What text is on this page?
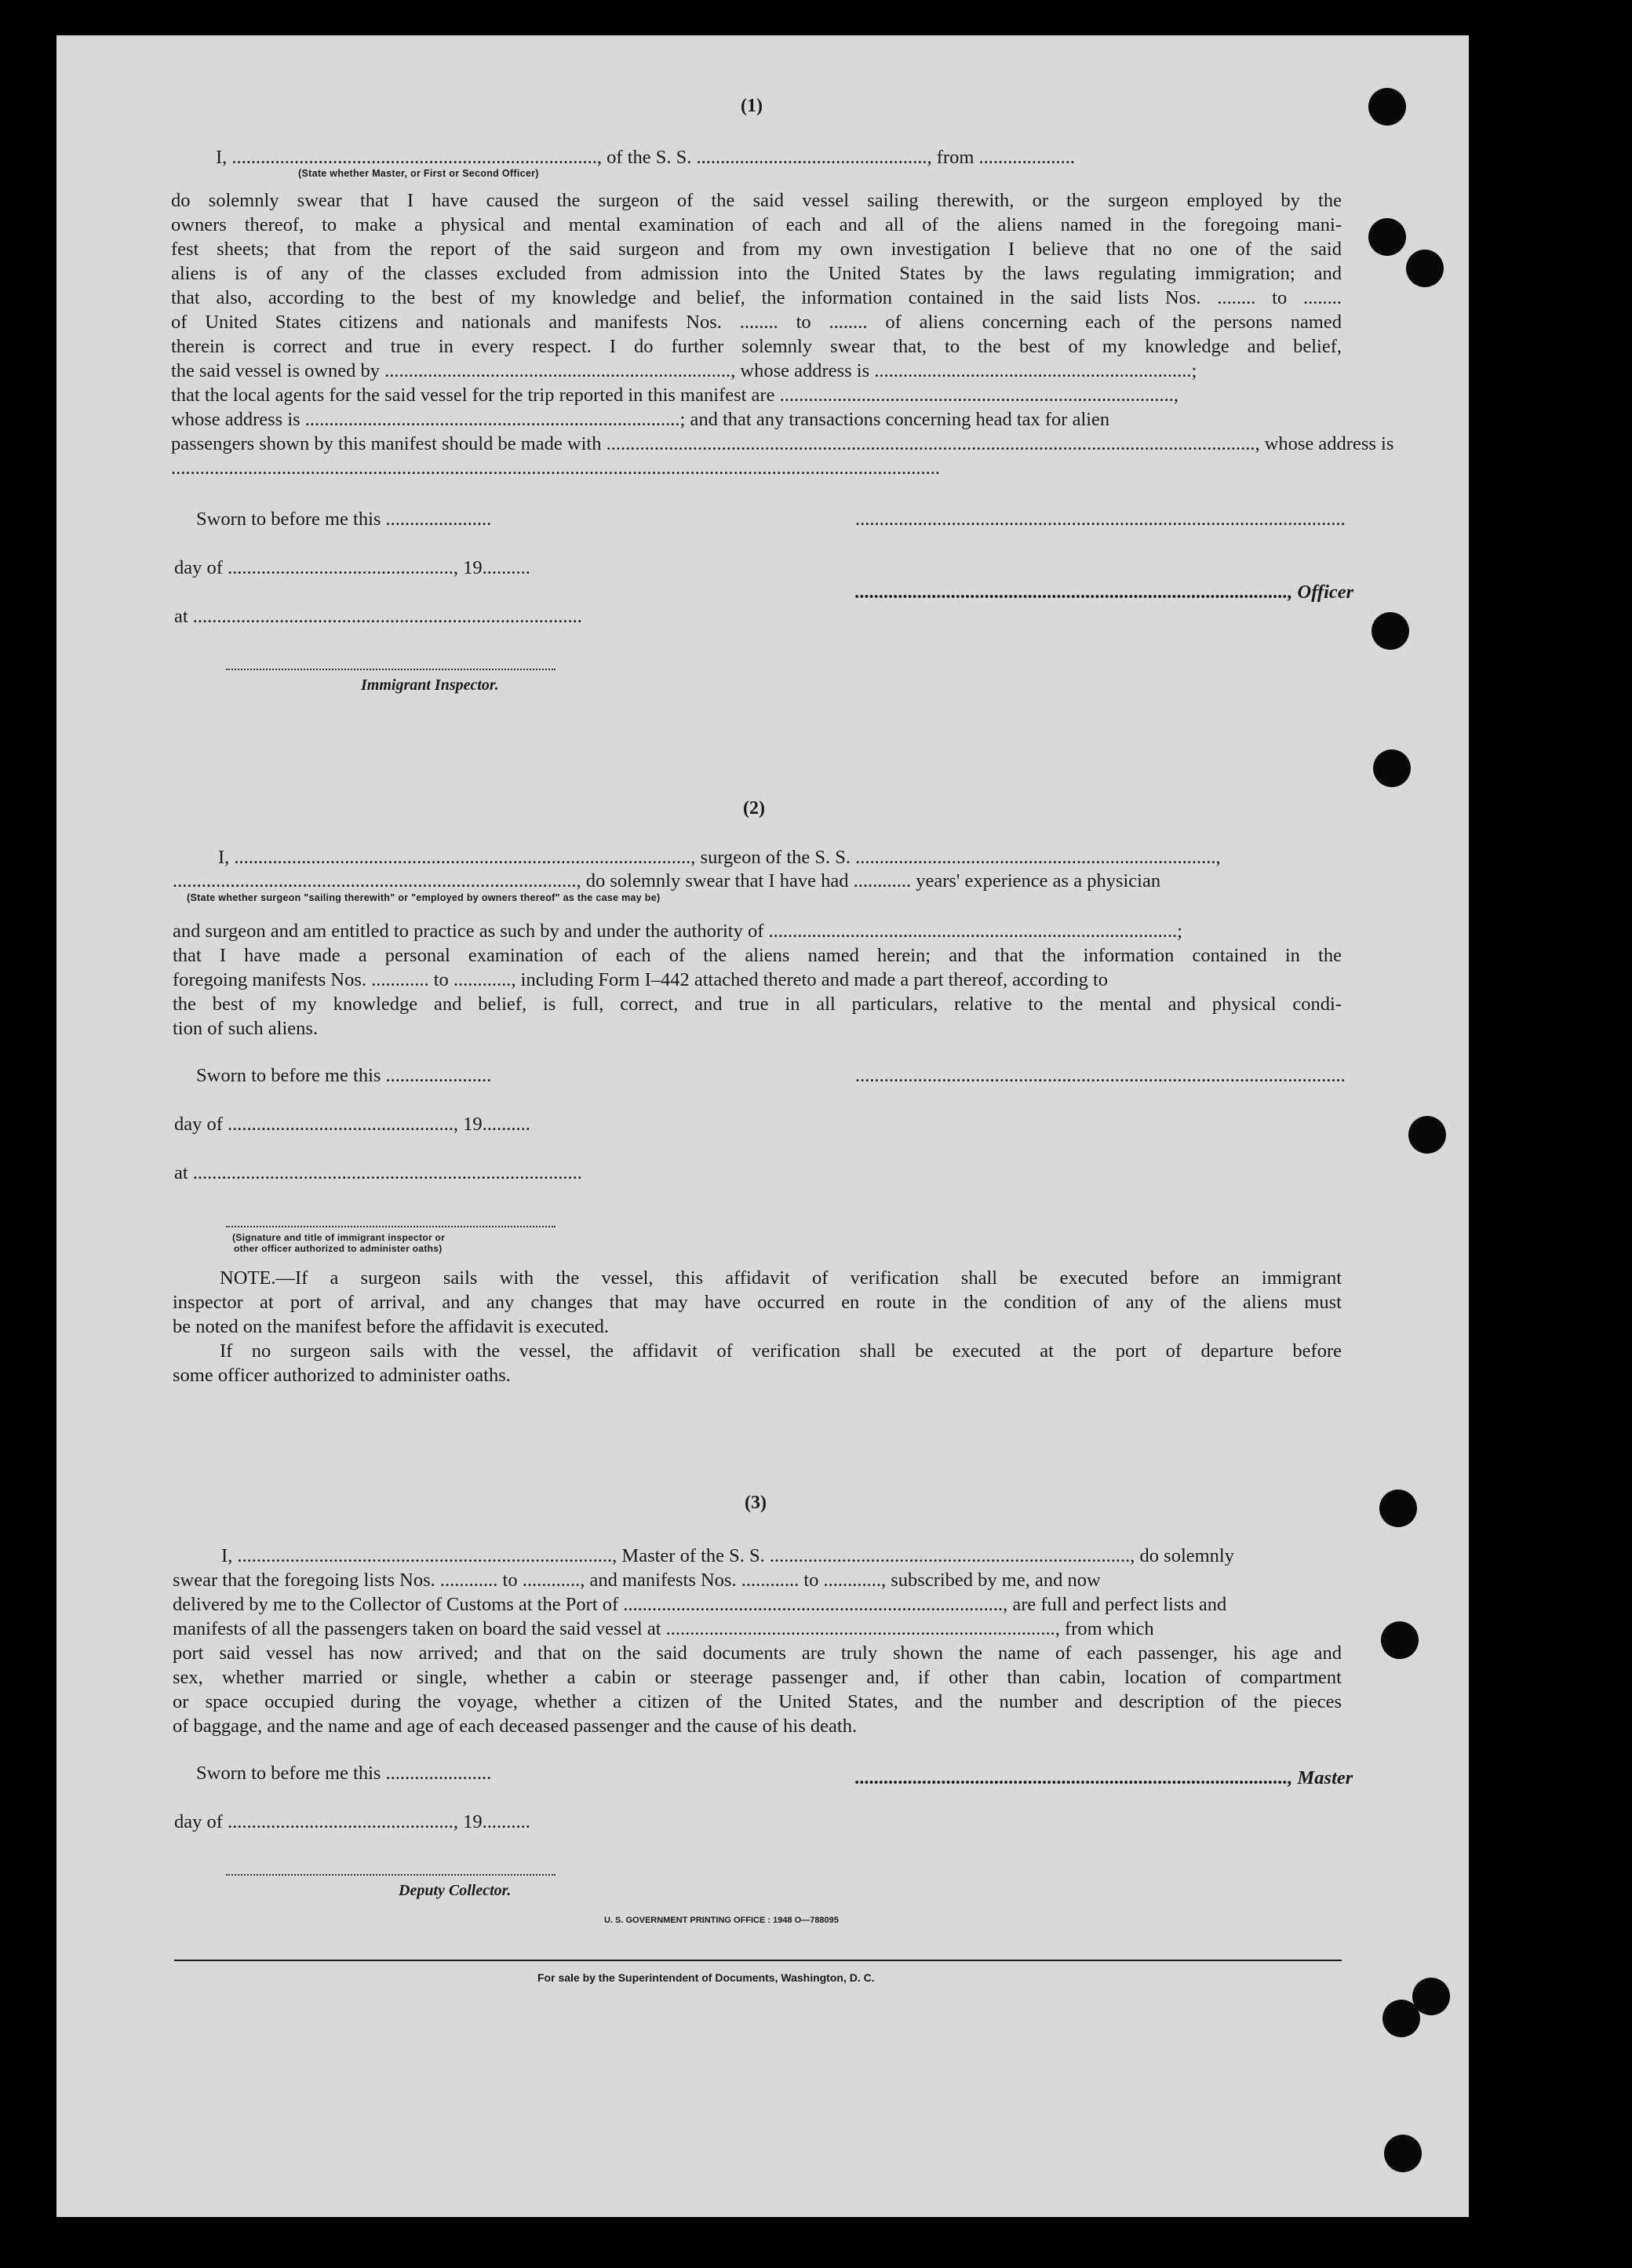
(1)
I, ............................................................................, of the S. S. ................................................, from ....................
(State whether Master, or First or Second Officer)
do solemnly swear that I have caused the surgeon of the said vessel sailing therewith, or the surgeon employed by the
owners thereof, to make a physical and mental examination of each and all of the aliens named in the foregoing mani-
fest sheets; that from the report of the said surgeon and from my own investigation I believe that no one of the said
aliens is of any of the classes excluded from admission into the United States by the laws regulating immigration; and
that also, according to the best of my knowledge and belief, the information contained in the said lists Nos. ........ to ........
of United States citizens and nationals and manifests Nos. ........ to ........ of aliens concerning each of the persons named
therein is correct and true in every respect. I do further solemnly swear that, to the best of my knowledge and belief,
the said vessel is owned by ........................................................................, whose address is ..................................................................;
that the local agents for the said vessel for the trip reported in this manifest are ..................................................................................,
whose address is ..............................................................................; and that any transactions concerning head tax for alien
passengers shown by this manifest should be made with ......................................................................................................................................., whose address is
................................................................................................................................................................
Sworn to before me this ......................	......................................................................................................
day of ..............................................., 19..........
.........................................................................................., Officer
at .................................................................................
Immigrant Inspector.
(2)
I, ..............................................................................................., surgeon of the S. S. ...........................................................................,
...................................................................................., do solemnly swear that I have had ............ years' experience as a physician
(State whether surgeon "sailing therewith" or "employed by owners thereof" as the case may be)
and surgeon and am entitled to practice as such by and under the authority of .....................................................................................;
that I have made a personal examination of each of the aliens named herein; and that the information contained in the
foregoing manifests Nos. ............ to ............, including Form I–442 attached thereto and made a part thereof, according to
the best of my knowledge and belief, is full, correct, and true in all particulars, relative to the mental and physical condi-
tion of such aliens.
Sworn to before me this ......................	......................................................................................................
day of ..............................................., 19..........
at .................................................................................
(Signature and title of immigrant inspector or
other officer authorized to administer oaths)
NOTE.—If a surgeon sails with the vessel, this affidavit of verification shall be executed before an immigrant
inspector at port of arrival, and any changes that may have occurred en route in the condition of any of the aliens must
be noted on the manifest before the affidavit is executed.
If no surgeon sails with the vessel, the affidavit of verification shall be executed at the port of departure before
some officer authorized to administer oaths.
(3)
I, .............................................................................., Master of the S. S. ..........................................................................., do solemnly
swear that the foregoing lists Nos. ............ to ............, and manifests Nos. ............ to ............, subscribed by me, and now
delivered by me to the Collector of Customs at the Port of ..............................................................................., are full and perfect lists and
manifests of all the passengers taken on board the said vessel at ................................................................................., from which
port said vessel has now arrived; and that on the said documents are truly shown the name of each passenger, his age and
sex, whether married or single, whether a cabin or steerage passenger and, if other than cabin, location of compartment
or space occupied during the voyage, whether a citizen of the United States, and the number and description of the pieces
of baggage, and the name and age of each deceased passenger and the cause of his death.
Sworn to before me this ......................	.........................................................................................., Master
day of ..............................................., 19..........
Deputy Collector.
U. S. GOVERNMENT PRINTING OFFICE : 1948 O—788095
For sale by the Superintendent of Documents, Washington, D. C.
